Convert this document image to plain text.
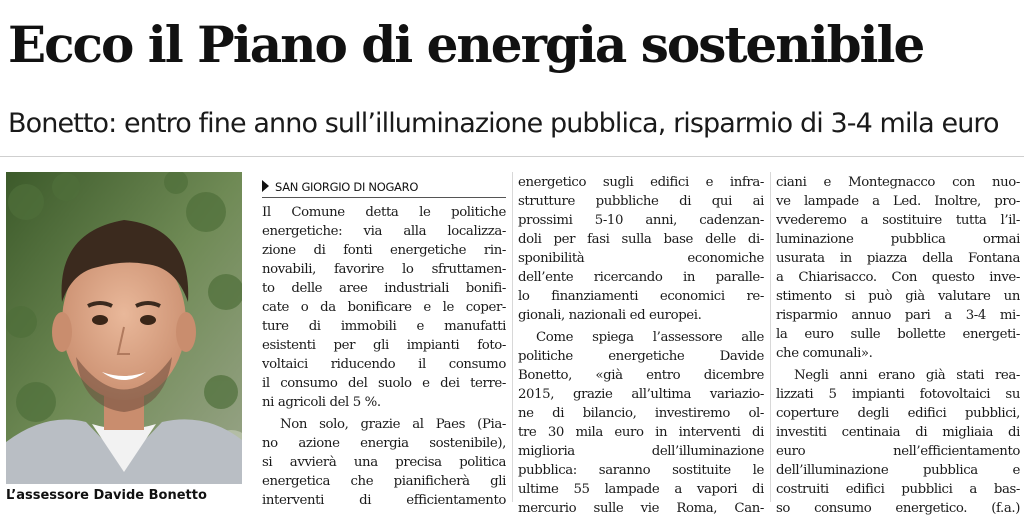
Ecco il Piano di energia sostenibile
Bonetto: entro fine anno sull’illuminazione pubblica, risparmio di 3-4 mila euro
L’assessore Davide Bonetto
SAN GIORGIO DI NOGARO
Il Comune detta le politiche
energetiche: via alla localizza-
zione di fonti energetiche rin-
novabili, favorire lo sfruttamen-
to delle aree industriali bonifi-
cate o da bonificare e le coper-
ture di immobili e manufatti
esistenti per gli impianti foto-
voltaici riducendo il consumo
il consumo del suolo e dei terre-
ni agricoli del 5 %.
Non solo, grazie al Paes (Pia-
no azione energia sostenibile),
si avvierà una precisa politica
energetica che pianificherà gli
interventi di efficientamento
energetico sugli edifici e infra-
strutture pubbliche di qui ai
prossimi 5-10 anni, cadenzan-
doli per fasi sulla base delle di-
sponibilità economiche
dell’ente ricercando in paralle-
lo finanziamenti economici re-
gionali, nazionali ed europei.
Come spiega l’assessore alle
politiche energetiche Davide
Bonetto, «già entro dicembre
2015, grazie all’ultima variazio-
ne di bilancio, investiremo ol-
tre 30 mila euro in interventi di
miglioria dell’illuminazione
pubblica: saranno sostituite le
ultime 55 lampade a vapori di
mercurio sulle vie Roma, Can-
ciani e Montegnacco con nuo-
ve lampade a Led. Inoltre, pro-
vvederemo a sostituire tutta l’il-
luminazione pubblica ormai
usurata in piazza della Fontana
a Chiarisacco. Con questo inve-
stimento si può già valutare un
risparmio annuo pari a 3-4 mi-
la euro sulle bollette energeti-
che comunali».
Negli anni erano già stati rea-
lizzati 5 impianti fotovoltaici su
coperture degli edifici pubblici,
investiti centinaia di migliaia di
euro nell’efficientamento
dell’illuminazione pubblica e
costruiti edifici pubblici a bas-
so consumo energetico. (f.a.)
